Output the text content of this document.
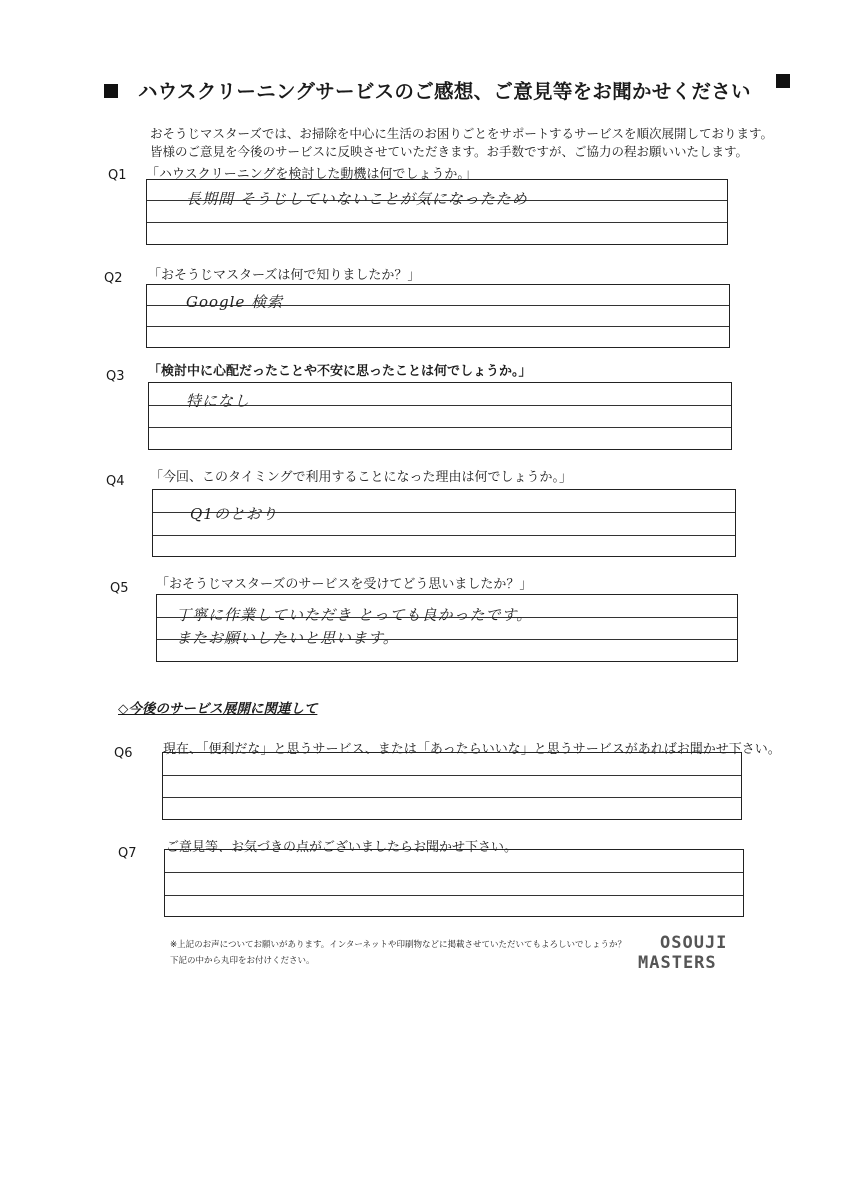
ハウスクリーニングサービスのご感想、ご意見等をお聞かせください
おそうじマスターズでは、お掃除を中心に生活のお困りごとをサポートするサービスを順次展開しております。
皆様のご意見を今後のサービスに反映させていただきます。お手数ですが、ご協力の程お願いいたします。
Q1 「ハウスクリーニングを検討した動機は何でしょうか。」
長期間 そうじしていないことが気になったため
Q2 「おそうじマスターズは何で知りましたか？」
Google 検索
Q3 「検討中に心配だったことや不安に思ったことは何でしょうか。」
特になし
Q4 「今回、このタイミングで利用することになった理由は何でしょうか。」
Q1のとおり
Q5 「おそうじマスターズのサービスを受けてどう思いましたか？」
丁寧に作業していただき とっても良かったです。
またお願いしたいと思います。
◇今後のサービス展開に関連して
Q6 現在、「便利だな」と思うサービス、または「あったらいいな」と思うサービスがあればお聞かせ下さい。
Q7 ご意見等、お気づきの点がございましたらお聞かせ下さい。
※上記のお声についてお願いがあります。インターネットや印刷物などに掲載させていただいてもよろしいでしょうか？
下記の中から丸印をお付けください。
OSOUJI
MASTERS
